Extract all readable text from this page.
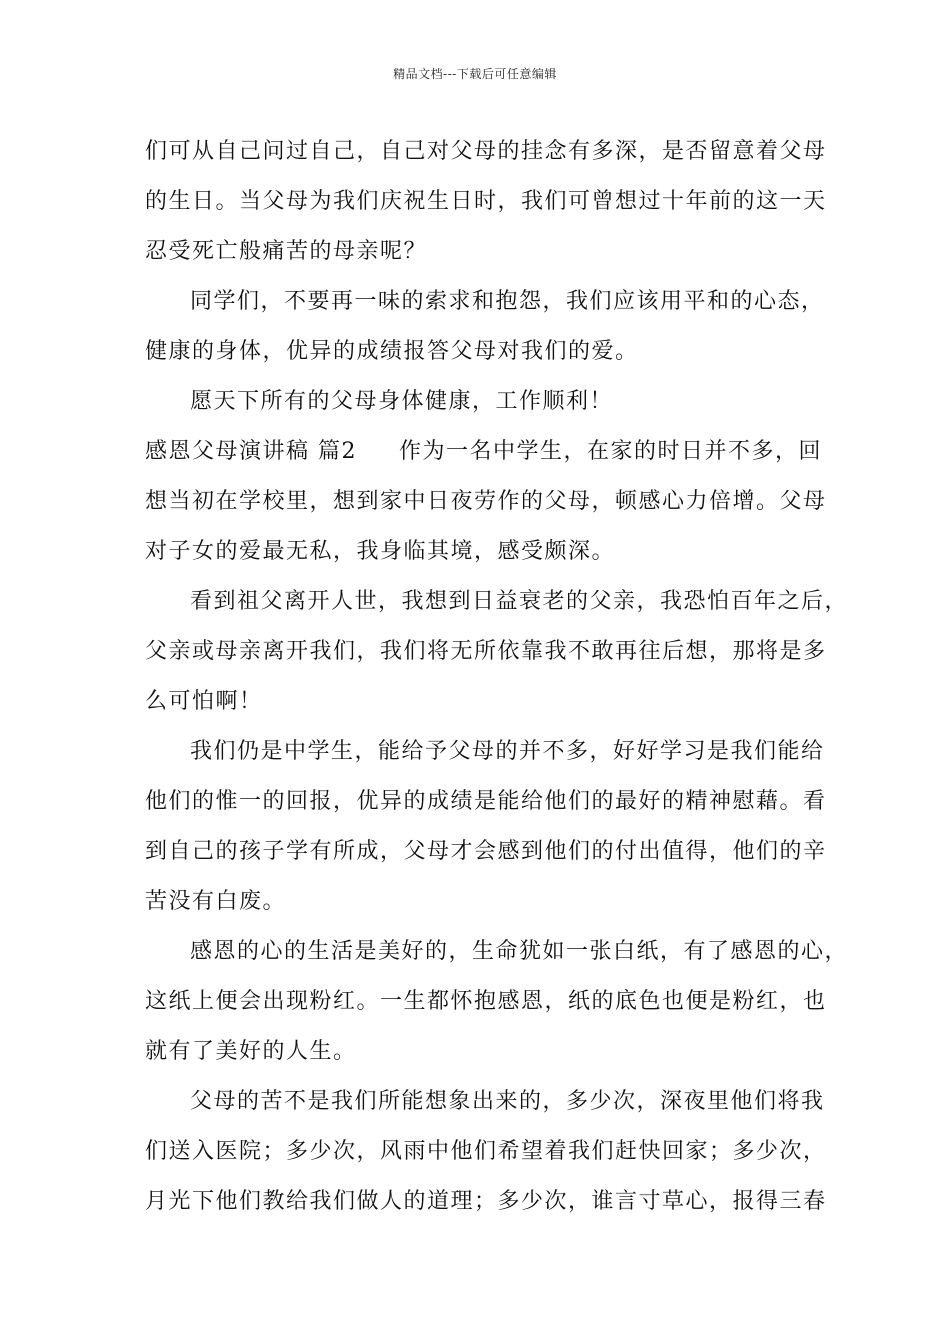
精品文档---下载后可任意编辑
们可从自己问过自己，自己对父母的挂念有多深，是否留意着父母
的生日。当父母为我们庆祝生日时，我们可曾想过十年前的这一天
忍受死亡般痛苦的母亲呢？
同学们，不要再一味的索求和抱怨，我们应该用平和的心态，
健康的身体，优异的成绩报答父母对我们的爱。
愿天下所有的父母身体健康，工作顺利！
感恩父母演讲稿 篇2 作为一名中学生，在家的时日并不多，回
想当初在学校里，想到家中日夜劳作的父母，顿感心力倍增。父母
对子女的爱最无私，我身临其境，感受颇深。
看到祖父离开人世，我想到日益衰老的父亲，我恐怕百年之后，
父亲或母亲离开我们，我们将无所依靠我不敢再往后想，那将是多
么可怕啊！
我们仍是中学生，能给予父母的并不多，好好学习是我们能给
他们的惟一的回报，优异的成绩是能给他们的最好的精神慰藉。看
到自己的孩子学有所成，父母才会感到他们的付出值得，他们的辛
苦没有白废。
感恩的心的生活是美好的，生命犹如一张白纸，有了感恩的心，
这纸上便会出现粉红。一生都怀抱感恩，纸的底色也便是粉红，也
就有了美好的人生。
父母的苦不是我们所能想象出来的，多少次，深夜里他们将我
们送入医院；多少次，风雨中他们希望着我们赶快回家；多少次，
月光下他们教给我们做人的道理；多少次，谁言寸草心，报得三春
